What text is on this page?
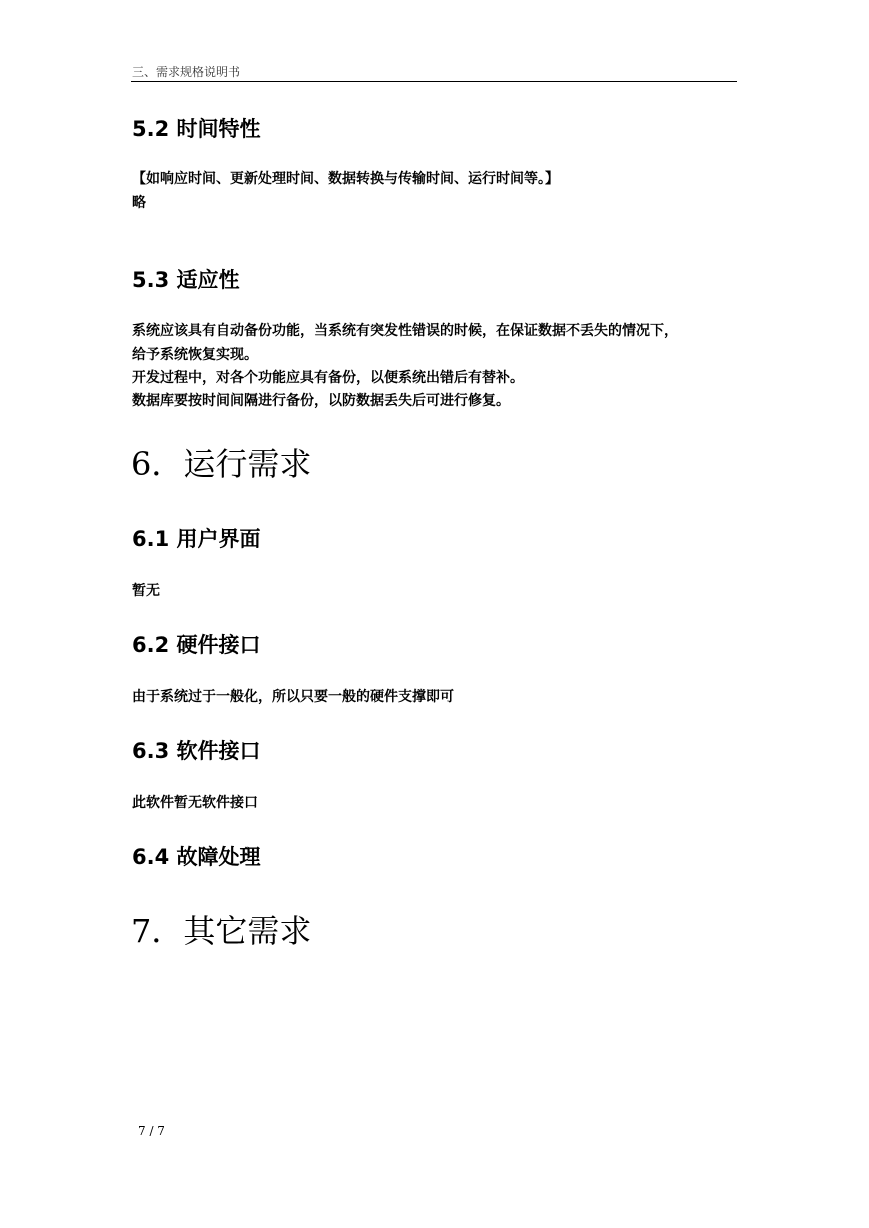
三、需求规格说明书
5.2 时间特性

【如响应时间、更新处理时间、数据转换与传输时间、运行时间等。】

略

5.3 适应性

系统应该具有自动备份功能，当系统有突发性错误的时候，在保证数据不丢失的情况下，

给予系统恢复实现。

开发过程中，对各个功能应具有备份，以便系统出错后有替补。

数据库要按时间间隔进行备份，以防数据丢失后可进行修复。

6．运行需求
6.1 用户界面

暂无

6.2 硬件接口

由于系统过于一般化，所以只要一般的硬件支撑即可

6.3 软件接口

此软件暂无软件接口

6.4 故障处理
7．其它需求
7 / 7
